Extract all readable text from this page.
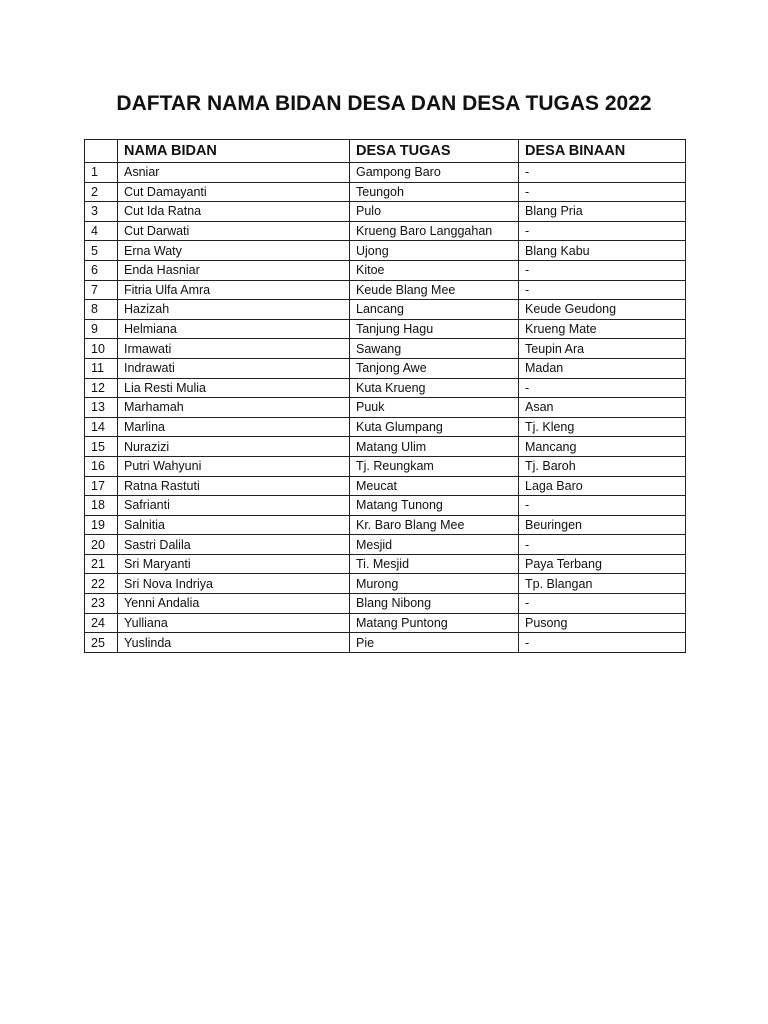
DAFTAR NAMA BIDAN DESA DAN DESA TUGAS 2022
	NAMA BIDAN	DESA TUGAS	DESA BINAAN
1	Asniar	Gampong Baro	-
2	Cut Damayanti	Teungoh	-
3	Cut Ida Ratna	Pulo	Blang Pria
4	Cut Darwati	Krueng Baro Langgahan	-
5	Erna Waty	Ujong	Blang Kabu
6	Enda Hasniar	Kitoe	-
7	Fitria Ulfa Amra	Keude Blang Mee	-
8	Hazizah	Lancang	Keude Geudong
9	Helmiana	Tanjung Hagu	Krueng Mate
10	Irmawati	Sawang	Teupin Ara
11	Indrawati	Tanjong Awe	Madan
12	Lia Resti Mulia	Kuta Krueng	-
13	Marhamah	Puuk	Asan
14	Marlina	Kuta Glumpang	Tj. Kleng
15	Nurazizi	Matang Ulim	Mancang
16	Putri Wahyuni	Tj. Reungkam	Tj. Baroh
17	Ratna Rastuti	Meucat	Laga Baro
18	Safrianti	Matang Tunong	-
19	Salnitia	Kr. Baro Blang Mee	Beuringen
20	Sastri Dalila	Mesjid	-
21	Sri Maryanti	Ti. Mesjid	Paya Terbang
22	Sri Nova Indriya	Murong	Tp. Blangan
23	Yenni Andalia	Blang Nibong	-
24	Yulliana	Matang Puntong	Pusong
25	Yuslinda	Pie	-
